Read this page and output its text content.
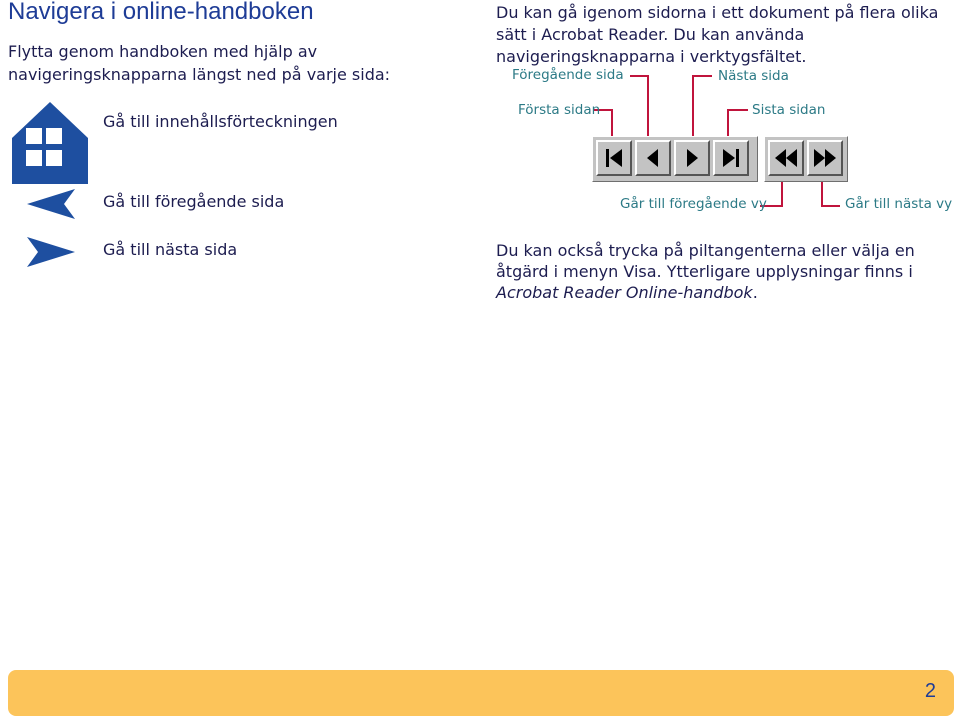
Navigera i online-handboken
Flytta genom handboken med hjälp av navigeringsknapparna längst ned på varje sida:
Gå till innehållsförteckningen
Gå till föregående sida
Gå till nästa sida
Du kan gå igenom sidorna i ett dokument på flera olika sätt i Acrobat Reader. Du kan använda navigeringsknapparna i verktygsfältet.
Föregående sida	Nästa sida
Första sidan	Sista sidan
Går till föregående vy	Går till nästa vy
Du kan också trycka på piltangenterna eller välja en åtgärd i menyn Visa. Ytterligare upplysningar finns i Acrobat Reader Online-handbok.
2
